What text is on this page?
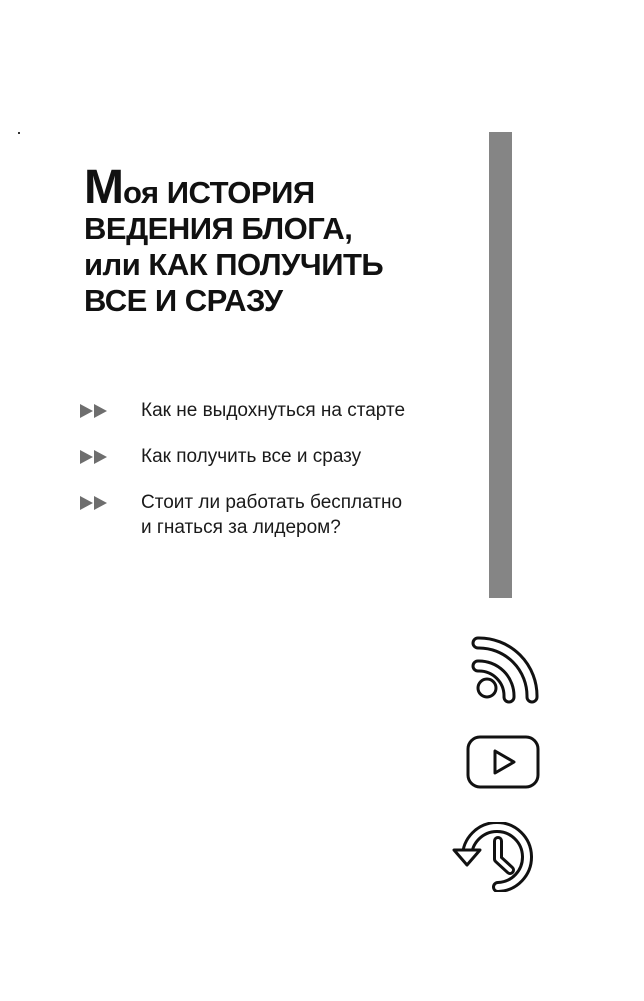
Моя ИСТОРИЯ
ВЕДЕНИЯ БЛОГА,
или КАК ПОЛУЧИТЬ
ВСЕ И СРАЗУ
Как не выдохнуться на старте
Как получить все и сразу
Стоит ли работать бесплатно
и гнаться за лидером?
